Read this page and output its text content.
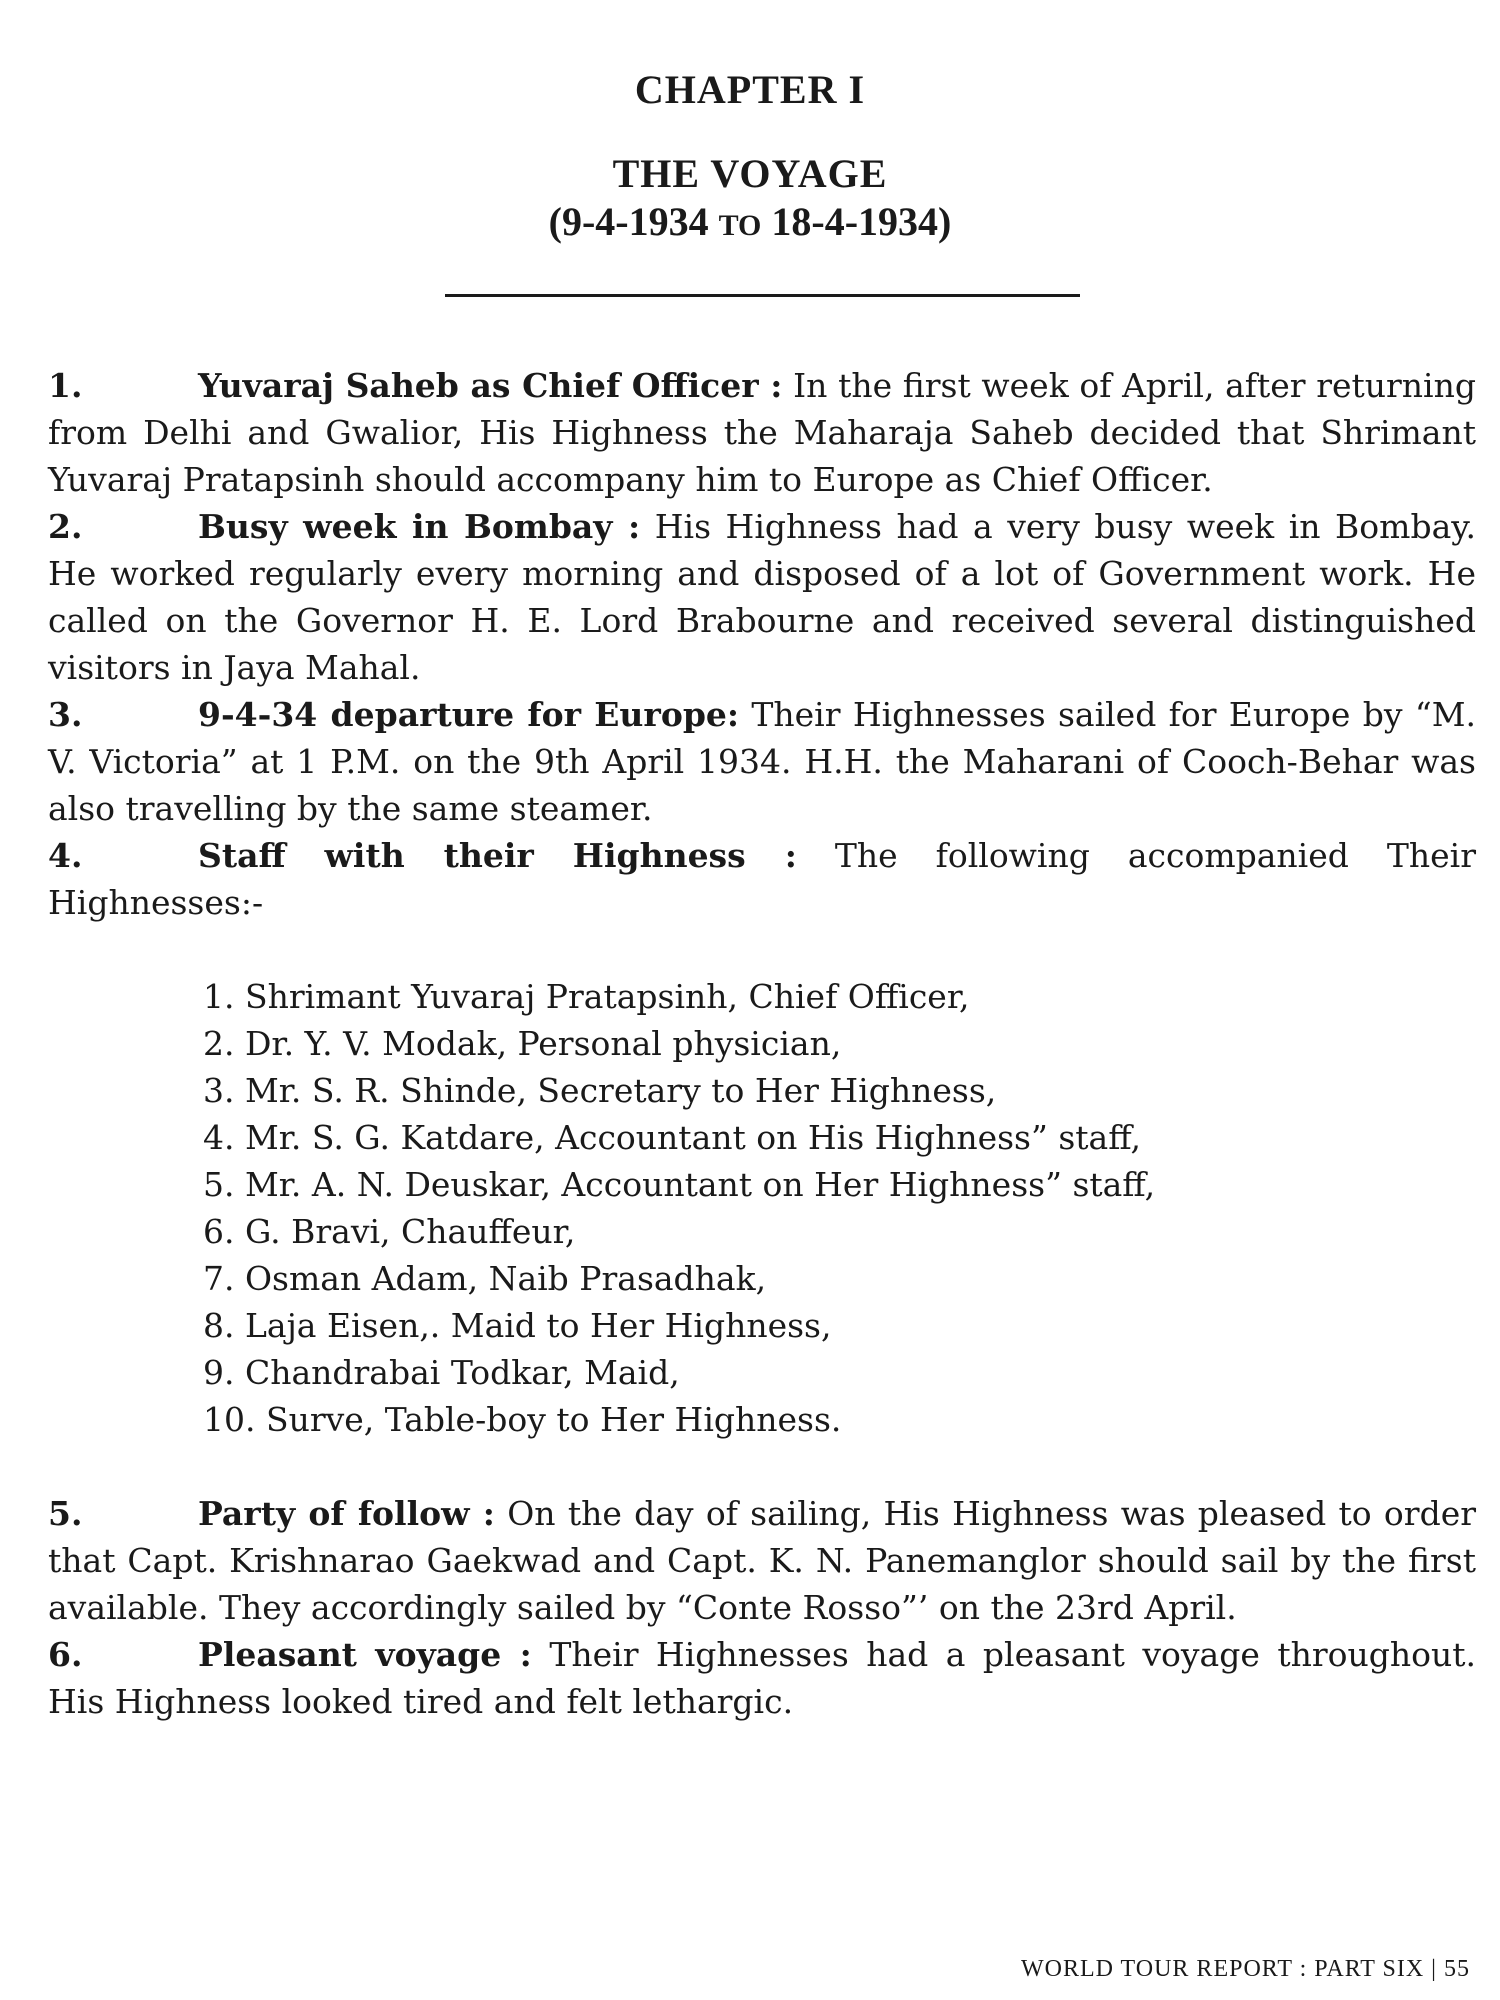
CHAPTER I
THE VOYAGE
(9-4-1934 TO 18-4-1934)

1.	Yuvaraj Saheb as Chief Officer : In the first week of April, after returning from Delhi and Gwalior, His Highness the Maharaja Saheb decided that Shrimant Yuvaraj Pratapsinh should accompany him to Europe as Chief Officer.

2.	Busy week in Bombay : His Highness had a very busy week in Bombay. He worked regularly every morning and disposed of a lot of Government work. He called on the Governor H. E. Lord Brabourne and received several distinguished visitors in Jaya Mahal.

3.	9-4-34 departure for Europe: Their Highnesses sailed for Europe by “M. V. Victoria” at 1 P.M. on the 9th April 1934. H.H. the Maharani of Cooch-Behar was also travelling by the same steamer.

4.	Staff with their Highness : The following accompanied Their Highnesses:-

1. Shrimant Yuvaraj Pratapsinh, Chief Officer,
2. Dr. Y. V. Modak, Personal physician,
3. Mr. S. R. Shinde, Secretary to Her Highness,
4. Mr. S. G. Katdare, Accountant on His Highness” staff,
5. Mr. A. N. Deuskar, Accountant on Her Highness” staff,
6. G. Bravi, Chauffeur,
7. Osman Adam, Naib Prasadhak,
8. Laja Eisen,. Maid to Her Highness,
9. Chandrabai Todkar, Maid,
10. Surve, Table-boy to Her Highness.

5.	Party of follow : On the day of sailing, His Highness was pleased to order that Capt. Krishnarao Gaekwad and Capt. K. N. Panemanglor should sail by the first available. They accordingly sailed by “Conte Rosso”’ on the 23rd April.

6.	Pleasant voyage : Their Highnesses had a pleasant voyage throughout. His Highness looked tired and felt lethargic.

WORLD TOUR REPORT : PART SIX | 55
